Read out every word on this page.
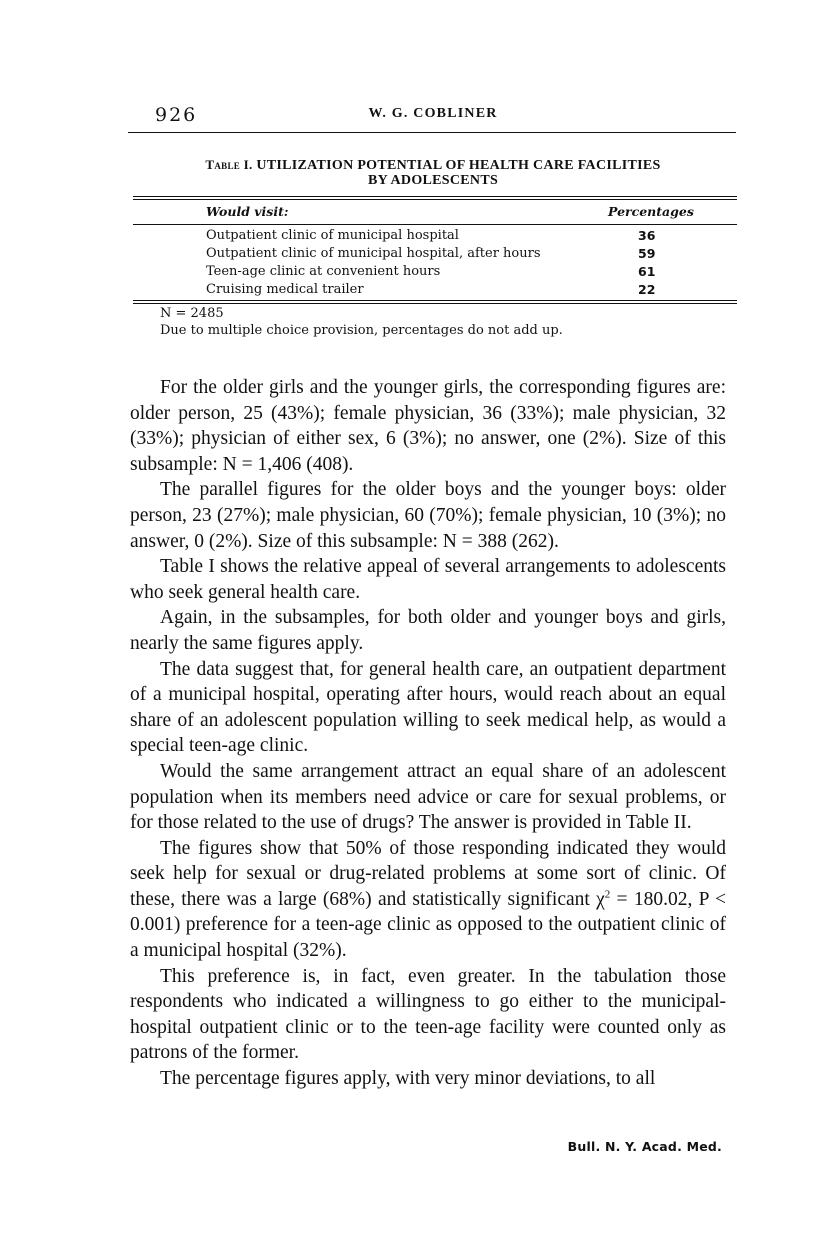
926	W. G. COBLINER
Table I. UTILIZATION POTENTIAL OF HEALTH CARE FACILITIES
BY ADOLESCENTS
Would visit:	Percentages
Outpatient clinic of municipal hospital	36
Outpatient clinic of municipal hospital, after hours	59
Teen-age clinic at convenient hours	61
Cruising medical trailer	22
N = 2485
Due to multiple choice provision, percentages do not add up.

For the older girls and the younger girls, the corresponding figures are: older person, 25 (43%); female physician, 36 (33%); male physician, 32 (33%); physician of either sex, 6 (3%); no answer, one (2%). Size of this subsample: N = 1,406 (408).

The parallel figures for the older boys and the younger boys: older person, 23 (27%); male physician, 60 (70%); female physician, 10 (3%); no answer, 0 (2%). Size of this subsample: N = 388 (262).

Table I shows the relative appeal of several arrangements to adolescents who seek general health care.

Again, in the subsamples, for both older and younger boys and girls, nearly the same figures apply.

The data suggest that, for general health care, an outpatient department of a municipal hospital, operating after hours, would reach about an equal share of an adolescent population willing to seek medical help, as would a special teen-age clinic.

Would the same arrangement attract an equal share of an adolescent population when its members need advice or care for sexual problems, or for those related to the use of drugs? The answer is provided in Table II.

The figures show that 50% of those responding indicated they would seek help for sexual or drug-related problems at some sort of clinic. Of these, there was a large (68%) and statistically significant $\chi^2 = 180.02$, P < 0.001) preference for a teen-age clinic as opposed to the outpatient clinic of a municipal hospital (32%).

This preference is, in fact, even greater. In the tabulation those respondents who indicated a willingness to go either to the municipal-hospital outpatient clinic or to the teen-age facility were counted only as patrons of the former.

The percentage figures apply, with very minor deviations, to all

Bull. N. Y. Acad. Med.
